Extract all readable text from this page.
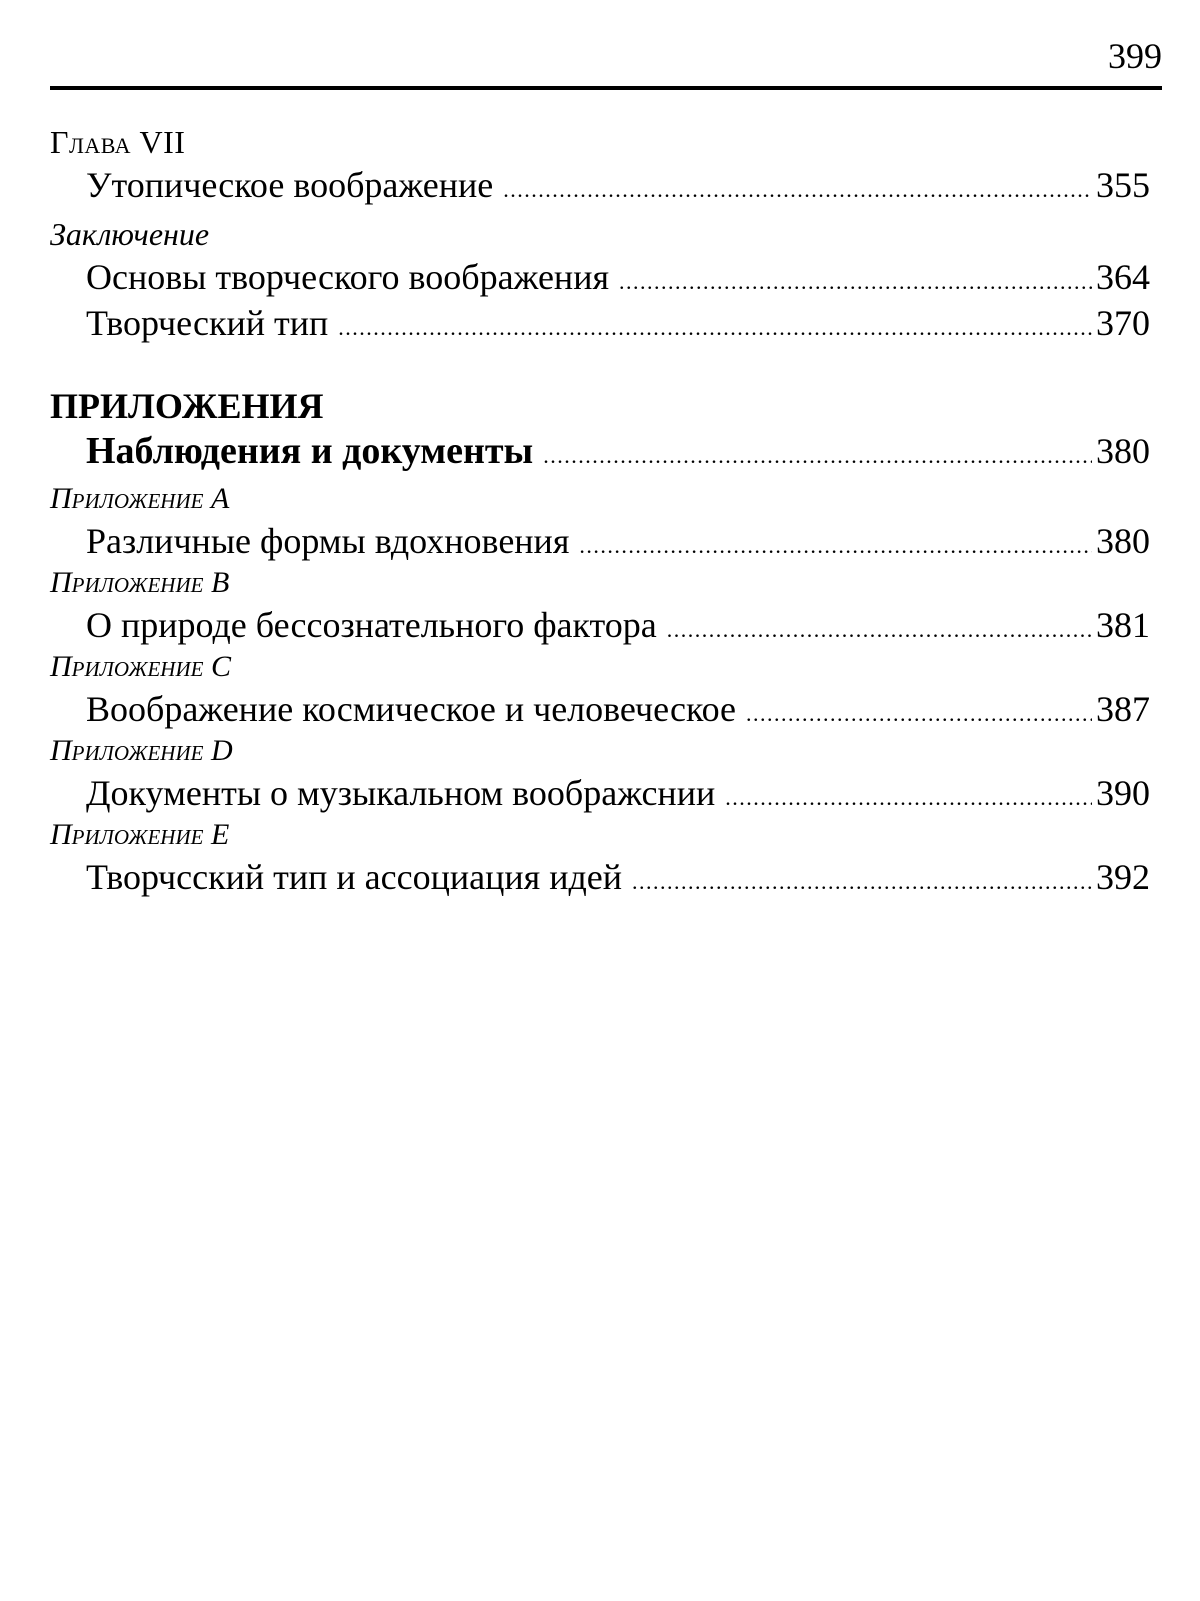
399
Глава VII
Утопическое воображение . . .	355
Заключение
Основы творческого воображения . . .	364
Творческий тип . . .	370
ПРИЛОЖЕНИЯ
Наблюдения и документы . . .	380
Приложение A
Различные формы вдохновения . . .	380
Приложение B
О природе бессознательного фактора . . .	381
Приложение C
Воображение космическое и человеческое . . .	387
Приложение D
Документы о музыкальном воображснии . . .	390
Приложение E
Творчсский тип и ассоциация идей . . .	392
